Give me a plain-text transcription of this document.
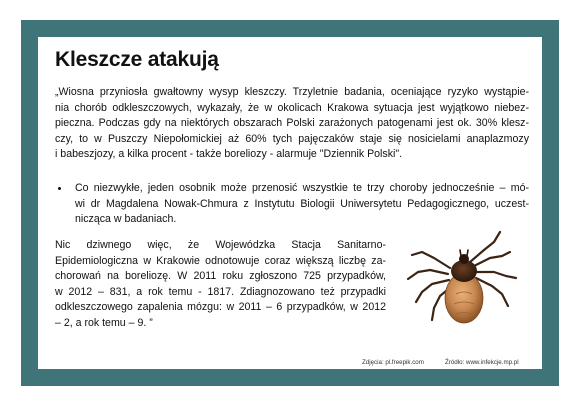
Kleszcze atakują
„Wiosna przyniosła gwałtowny wysyp kleszczy. Trzyletnie badania, oceniające ryzyko wystąpie-
nia chorób odkleszczowych, wykazały, że w okolicach Krakowa sytuacja jest wyjątkowo niebez-
pieczna. Podczas gdy na niektórych obszarach Polski zarażonych patogenami jest ok. 30% klesz-
czy, to w Puszczy Niepołomickiej aż 60% tych pajęczaków staje się nosicielami anaplazmozy
i babeszjozy, a kilka procent - także boreliozy - alarmuje "Dziennik Polski".
Co niezwykłe, jeden osobnik może przenosić wszystkie te trzy choroby jednocześnie – mó-
wi dr Magdalena Nowak-Chmura z Instytutu Biologii Uniwersytetu Pedagogicznego, uczest-
nicząca w badaniach.
Nic dziwnego więc, że Wojewódzka Stacja Sanitarno-
Epidemiologiczna w Krakowie odnotowuje coraz większą liczbę za-
chorowań na boreliozę. W 2011 roku zgłoszono 725 przypadków,
w 2012 – 831, a rok temu - 1817. Zdiagnozowano też przypadki
odkleszczowego zapalenia mózgu: w 2011 – 6 przypadków, w 2012
– 2, a rok temu – 9. ”
Zdjęcia: pl.freepik.com	Źródło: www.infekcje.mp.pl
